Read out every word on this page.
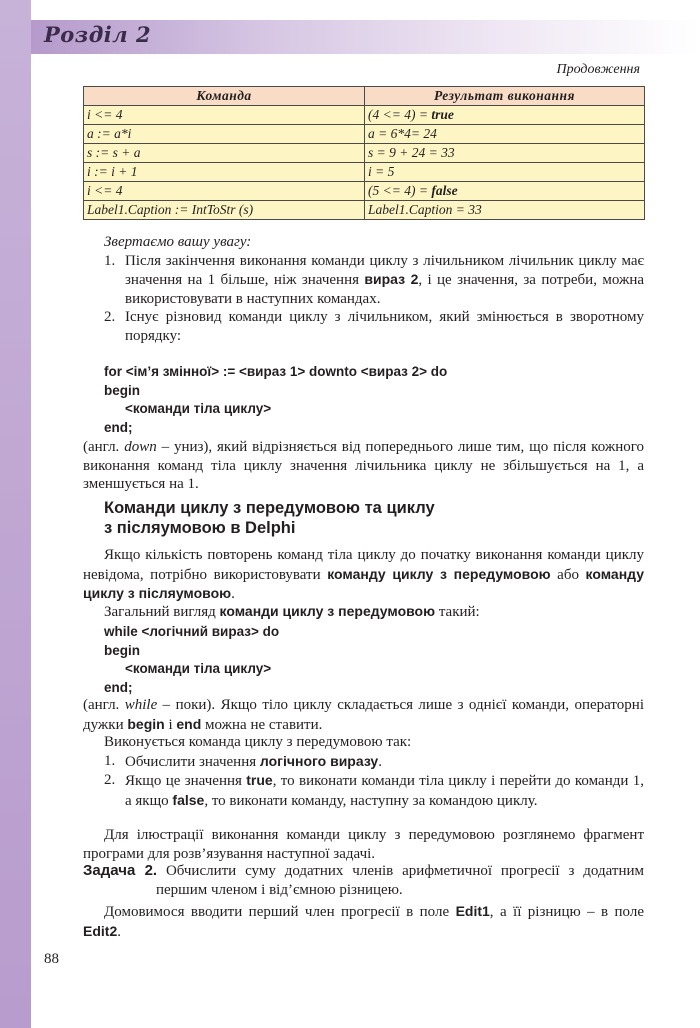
Розділ 2
Продовження
Команда	Результат виконання
i <= 4	(4 <= 4) = true
a := a*i	a = 6*4= 24
s := s + a	s = 9 + 24 = 33
i := i + 1	i = 5
i <= 4	(5 <= 4) = false
Label1.Caption := IntToStr (s)	Label1.Caption = 33
Звертаємо вашу увагу:
1. Після закінчення виконання команди циклу з лічильником лічильник циклу має значення на 1 більше, ніж значення вираз 2, і це значення, за потреби, можна використовувати в наступних командах.
2. Існує різновид команди циклу з лічильником, який змінюється в зворотному порядку:
for <ім’я змінної> := <вираз 1> downto <вираз 2> do
begin
<команди тіла циклу>
end;
(англ. down – униз), який відрізняється від попереднього лише тим, що після кожного виконання команд тіла циклу значення лічильника циклу не збільшується на 1, а зменшується на 1.
Команди циклу з передумовою та циклу
з післяумовою в Delphi
Якщо кількість повторень команд тіла циклу до початку виконання команди циклу невідома, потрібно використовувати команду циклу з передумовою або команду циклу з післяумовою.
Загальний вигляд команди циклу з передумовою такий:
while <логічний вираз> do
begin
<команди тіла циклу>
end;
(англ. while – поки). Якщо тіло циклу складається лише з однієї команди, операторні дужки begin і end можна не ставити.
Виконується команда циклу з передумовою так:
1. Обчислити значення логічного виразу.
2. Якщо це значення true, то виконати команди тіла циклу і перейти до команди 1, а якщо false, то виконати команду, наступну за командою циклу.
Для ілюстрації виконання команди циклу з передумовою розглянемо фрагмент програми для розв’язування наступної задачі.
Задача 2. Обчислити суму додатних членів арифметичної прогресії з додатним першим членом і від’ємною різницею.
Домовимося вводити перший член прогресії в поле Edit1, а її різницю – в поле Edit2.
88
